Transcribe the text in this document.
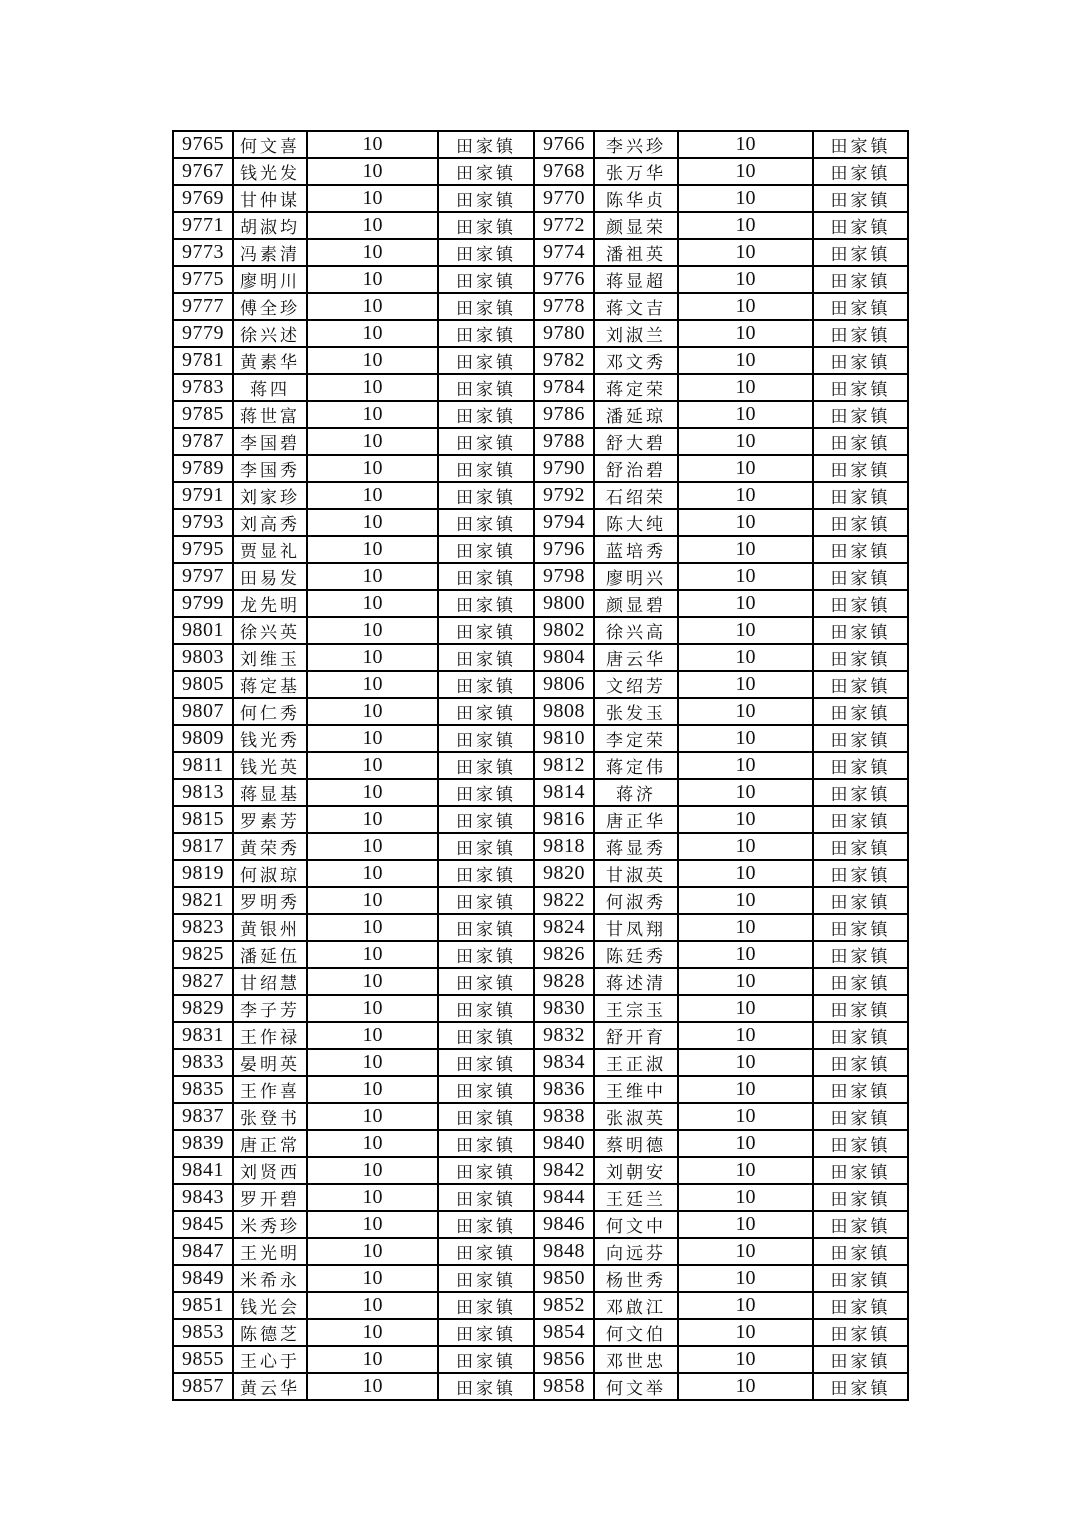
9765	何文喜	10	田家镇	9766	李兴珍	10	田家镇
9767	钱光发	10	田家镇	9768	张万华	10	田家镇
9769	甘仲谋	10	田家镇	9770	陈华贞	10	田家镇
9771	胡淑均	10	田家镇	9772	颜显荣	10	田家镇
9773	冯素清	10	田家镇	9774	潘祖英	10	田家镇
9775	廖明川	10	田家镇	9776	蒋显超	10	田家镇
9777	傅全珍	10	田家镇	9778	蒋文吉	10	田家镇
9779	徐兴述	10	田家镇	9780	刘淑兰	10	田家镇
9781	黄素华	10	田家镇	9782	邓文秀	10	田家镇
9783	蒋四	10	田家镇	9784	蒋定荣	10	田家镇
9785	蒋世富	10	田家镇	9786	潘延琼	10	田家镇
9787	李国碧	10	田家镇	9788	舒大碧	10	田家镇
9789	李国秀	10	田家镇	9790	舒治碧	10	田家镇
9791	刘家珍	10	田家镇	9792	石绍荣	10	田家镇
9793	刘高秀	10	田家镇	9794	陈大纯	10	田家镇
9795	贾显礼	10	田家镇	9796	蓝培秀	10	田家镇
9797	田易发	10	田家镇	9798	廖明兴	10	田家镇
9799	龙先明	10	田家镇	9800	颜显碧	10	田家镇
9801	徐兴英	10	田家镇	9802	徐兴高	10	田家镇
9803	刘维玉	10	田家镇	9804	唐云华	10	田家镇
9805	蒋定基	10	田家镇	9806	文绍芳	10	田家镇
9807	何仁秀	10	田家镇	9808	张发玉	10	田家镇
9809	钱光秀	10	田家镇	9810	李定荣	10	田家镇
9811	钱光英	10	田家镇	9812	蒋定伟	10	田家镇
9813	蒋显基	10	田家镇	9814	蒋济	10	田家镇
9815	罗素芳	10	田家镇	9816	唐正华	10	田家镇
9817	黄荣秀	10	田家镇	9818	蒋显秀	10	田家镇
9819	何淑琼	10	田家镇	9820	甘淑英	10	田家镇
9821	罗明秀	10	田家镇	9822	何淑秀	10	田家镇
9823	黄银州	10	田家镇	9824	甘凤翔	10	田家镇
9825	潘延伍	10	田家镇	9826	陈廷秀	10	田家镇
9827	甘绍慧	10	田家镇	9828	蒋述清	10	田家镇
9829	李子芳	10	田家镇	9830	王宗玉	10	田家镇
9831	王作禄	10	田家镇	9832	舒开育	10	田家镇
9833	晏明英	10	田家镇	9834	王正淑	10	田家镇
9835	王作喜	10	田家镇	9836	王维中	10	田家镇
9837	张登书	10	田家镇	9838	张淑英	10	田家镇
9839	唐正常	10	田家镇	9840	蔡明德	10	田家镇
9841	刘贤西	10	田家镇	9842	刘朝安	10	田家镇
9843	罗开碧	10	田家镇	9844	王廷兰	10	田家镇
9845	米秀珍	10	田家镇	9846	何文中	10	田家镇
9847	王光明	10	田家镇	9848	向远芬	10	田家镇
9849	米希永	10	田家镇	9850	杨世秀	10	田家镇
9851	钱光会	10	田家镇	9852	邓啟江	10	田家镇
9853	陈德芝	10	田家镇	9854	何文伯	10	田家镇
9855	王心于	10	田家镇	9856	邓世忠	10	田家镇
9857	黄云华	10	田家镇	9858	何文举	10	田家镇
